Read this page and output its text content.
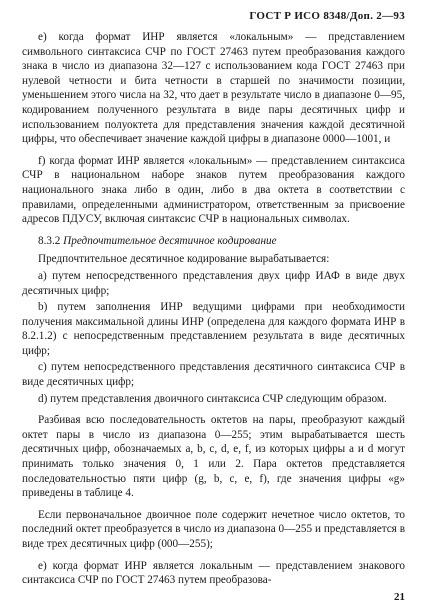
ГОСТ Р ИСО 8348/Доп. 2—93

е) когда формат ИНР является «локальным» — представлением символьного синтаксиса СЧР по ГОСТ 27463 путем преобразования каждого знака в число из диапазона 32—127 с использованием кода ГОСТ 27463 при нулевой четности и бита четности в старшей по значимости позиции, уменьшением этого числа на 32, что дает в результате число в диапазоне 0—95, кодированием полученного результата в виде пары десятичных цифр и использованием полуоктета для представления значения каждой десятичной цифры, что обеспечивает значение каждой цифры в диапазоне 0000—1001, и

f) когда формат ИНР является «локальным» — представлением синтаксиса СЧР в национальном наборе знаков путем преобразования каждого национального знака либо в один, либо в два октета в соответствии с правилами, определенными администратором, ответственным за присвоение адресов ПДУСУ, включая синтаксис СЧР в национальных символах.

8.3.2 Предпочтительное десятичное кодирование

Предпочтительное десятичное кодирование вырабатывается:

а) путем непосредственного представления двух цифр ИАФ в виде двух десятичных цифр;

b) путем заполнения ИНР ведущими цифрами при необходимости получения максимальной длины ИНР (определена для каждого формата ИНР в 8.2.1.2) с непосредственным представлением результата в виде десятичных цифр;

с) путем непосредственного представления десятичного синтаксиса СЧР в виде десятичных цифр;

d) путем представления двоичного синтаксиса СЧР следующим образом.

Разбивая всю последовательность октетов на пары, преобразуют каждый октет пары в число из диапазона 0—255; этим вырабатывается шесть десятичных цифр, обозначаемых a, b, c, d, e, f, из которых цифры a и d могут принимать только значения 0, 1 или 2. Пара октетов представляется последовательностью пяти цифр (g, b, c, e, f), где значения цифры «g» приведены в таблице 4.

Если первоначальное двоичное поле содержит нечетное число октетов, то последний октет преобразуется в число из диапазона 0—255 и представляется в виде трех десятичных цифр (000—255);

е) когда формат ИНР является локальным — представлением знакового синтаксиса СЧР по ГОСТ 27463 путем преобразова-

21
